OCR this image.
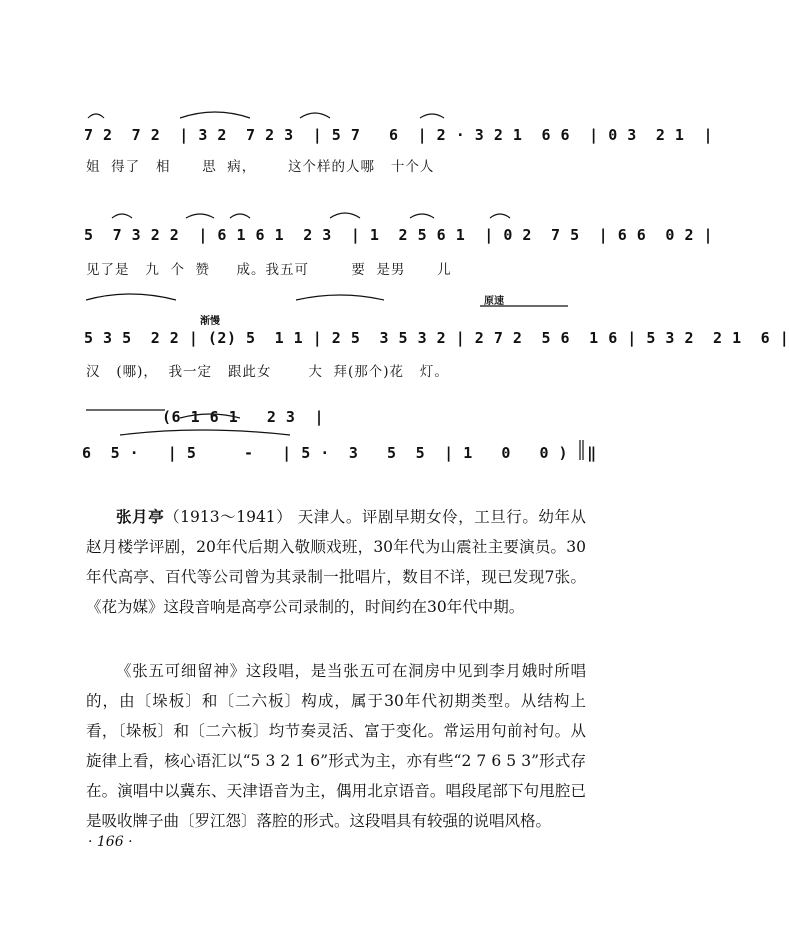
7 2  7 2  | 3 2  7 2 3  | 5 7   6  | 2 · 3 2 1  6 6  | 0 3  2 1  |
姐  得了   相      思  病，      这个样的人哪   十个人
5  7 3 2 2  | 6 1 6 1  2 3  | 1  2 5 6 1  | 0 2  7 5  | 6 6  0 2 |
见了是   九  个  赞     成。我五可        要  是男      儿
渐慢
原速
5 3 5  2 2 | (2) 5  1 1 | 2 5  3 5 3 2 | 2 7 2  5 6  1 6 | 5 3 2  2 1  6 |
汉   (哪)，  我一定   跟此女       大  拜(那个)花   灯。
(6 1 6 1   2 3  |
6  5 ·   | 5     -   | 5 ·  3   5  5  | 1   0   0 )  ‖
张月亭（1913～1941） 天津人。评剧早期女伶，工旦行。幼年从赵月楼学评剧，20年代后期入敬顺戏班，30年代为山震社主要演员。30年代高亭、百代等公司曾为其录制一批唱片，数目不详，现已发现7张。《花为媒》这段音响是高亭公司录制的，时间约在30年代中期。
《张五可细留神》这段唱，是当张五可在洞房中见到李月娥时所唱的，由〔垛板〕和〔二六板〕构成，属于30年代初期类型。从结构上看，〔垛板〕和〔二六板〕均节奏灵活、富于变化。常运用句前衬句。从旋律上看，核心语汇以“5 3 2 1 6”形式为主，亦有些“2 7 6 5 3”形式存在。演唱中以冀东、天津语音为主，偶用北京语音。唱段尾部下句甩腔已是吸收牌子曲〔罗江怨〕落腔的形式。这段唱具有较强的说唱风格。
· 166 ·
